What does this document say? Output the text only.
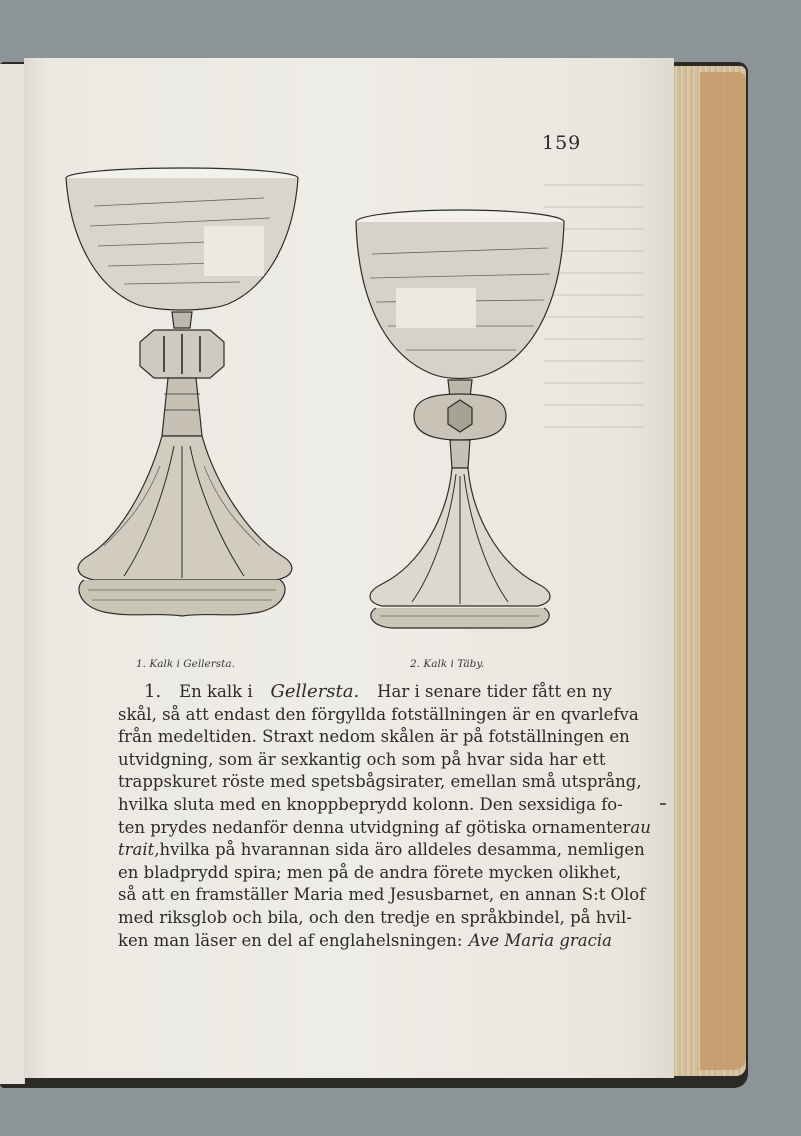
159
1. Kalk i Gellersta.	2. Kalk i Täby.
1. En kalk i Gellersta. Har i senare tider fått en ny
skål, så att endast den förgyllda fotställningen är en qvarlefva
från medeltiden. Straxt nedom skålen är på fotställningen en
utvidgning, som är sexkantig och som på hvar sida har ett
trappskuret röste med spetsbågsirater, emellan små utsprång,
hvilka sluta med en knoppbeprydd kolonn. Den sexsidiga fo-
ten prydes nedanför denna utvidgning af götiska ornamenter au
trait, hvilka på hvarannan sida äro alldeles desamma, nemligen
en bladprydd spira; men på de andra förete mycken olikhet,
så att en framställer Maria med Jesusbarnet, en annan S:t Olof
med riksglob och bila, och den tredje en språkbindel, på hvil-
ken man läser en del af englahelsningen: Ave Maria gracia
